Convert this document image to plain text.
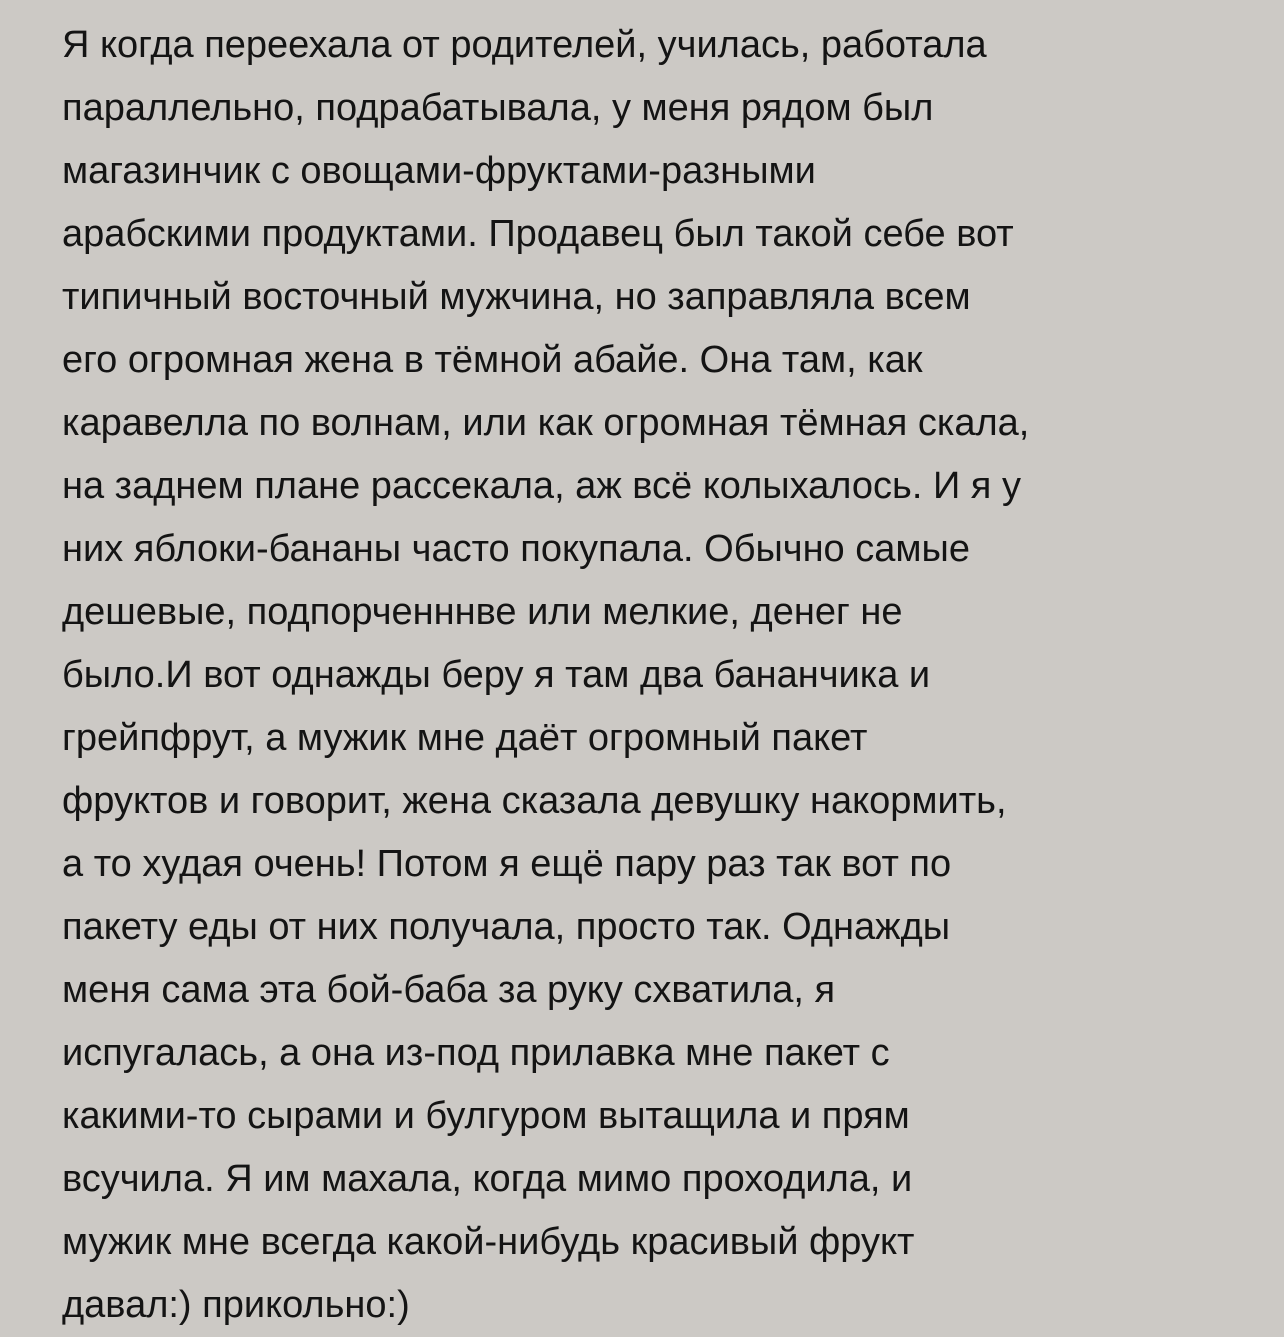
Я когда переехала от родителей, училась, работала
параллельно, подрабатывала, у меня рядом был
магазинчик с овощами-фруктами-разными
арабскими продуктами. Продавец был такой себе вот
типичный восточный мужчина, но заправляла всем
его огромная жена в тёмной абайе. Она там, как
каравелла по волнам, или как огромная тёмная скала,
на заднем плане рассекала, аж всё колыхалось. И я у
них яблоки-бананы часто покупала. Обычно самые
дешевые, подпорченннве или мелкие, денег не
было.И вот однажды беру я там два бананчика и
грейпфрут, а мужик мне даёт огромный пакет
фруктов и говорит, жена сказала девушку накормить,
а то худая очень! Потом я ещё пару раз так вот по
пакету еды от них получала, просто так. Однажды
меня сама эта бой-баба за руку схватила, я
испугалась, а она из-под прилавка мне пакет с
какими-то сырами и булгуром вытащила и прям
всучила. Я им махала, когда мимо проходила, и
мужик мне всегда какой-нибудь красивый фрукт
давал:) прикольно:)
